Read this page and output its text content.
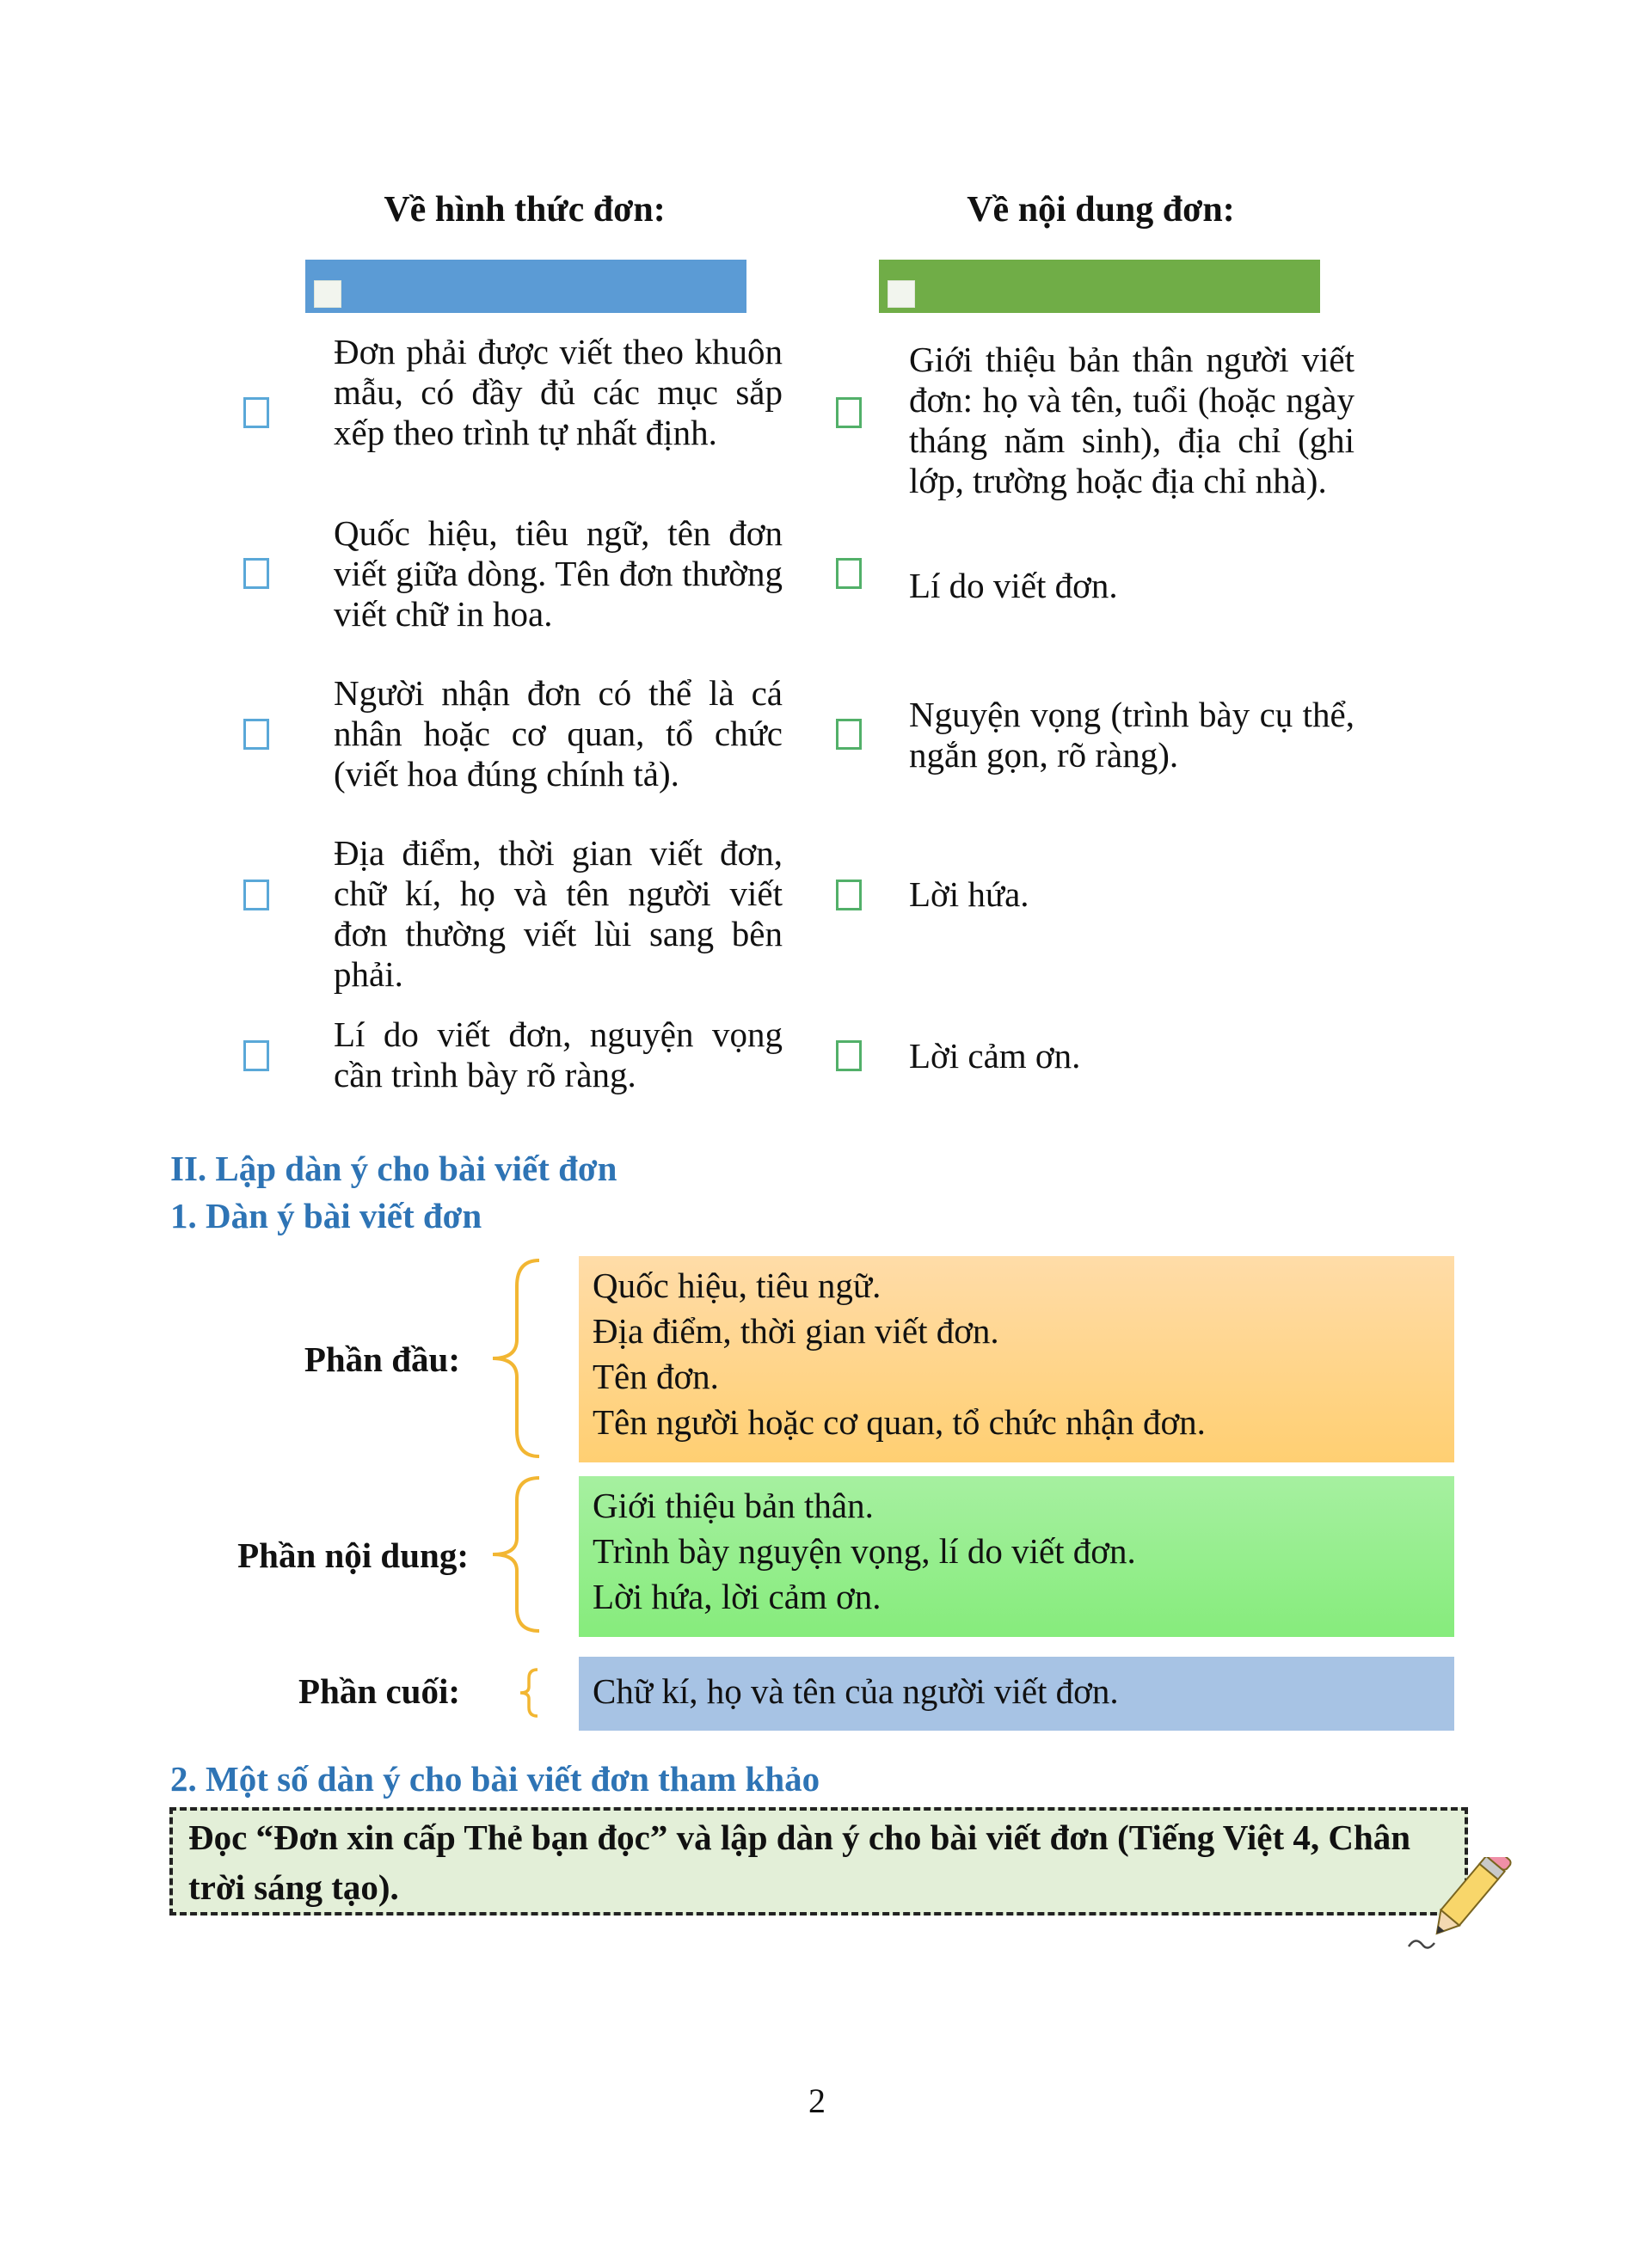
Về hình thức đơn:	Về nội dung đơn:
Đơn phải được viết theo khuôn mẫu, có đầy đủ các mục sắp xếp theo trình tự nhất định.
Quốc hiệu, tiêu ngữ, tên đơn viết giữa dòng. Tên đơn thường viết chữ in hoa.
Người nhận đơn có thể là cá nhân hoặc cơ quan, tổ chức (viết hoa đúng chính tả).
Địa điểm, thời gian viết đơn, chữ kí, họ và tên người viết đơn thường viết lùi sang bên phải.
Lí do viết đơn, nguyện vọng cần trình bày rõ ràng.
Giới thiệu bản thân người viết đơn: họ và tên, tuổi (hoặc ngày tháng năm sinh), địa chỉ (ghi lớp, trường hoặc địa chỉ nhà).
Lí do viết đơn.
Nguyện vọng (trình bày cụ thể, ngắn gọn, rõ ràng).
Lời hứa.
Lời cảm ơn.
II. Lập dàn ý cho bài viết đơn
1. Dàn ý bài viết đơn
Phần đầu:
Quốc hiệu, tiêu ngữ.
Địa điểm, thời gian viết đơn.
Tên đơn.
Tên người hoặc cơ quan, tổ chức nhận đơn.
Phần nội dung:
Giới thiệu bản thân.
Trình bày nguyện vọng, lí do viết đơn.
Lời hứa, lời cảm ơn.
Phần cuối:	Chữ kí, họ và tên của người viết đơn.
2. Một số dàn ý cho bài viết đơn tham khảo
Đọc “Đơn xin cấp Thẻ bạn đọc” và lập dàn ý cho bài viết đơn (Tiếng Việt 4, Chân trời sáng tạo).
2
